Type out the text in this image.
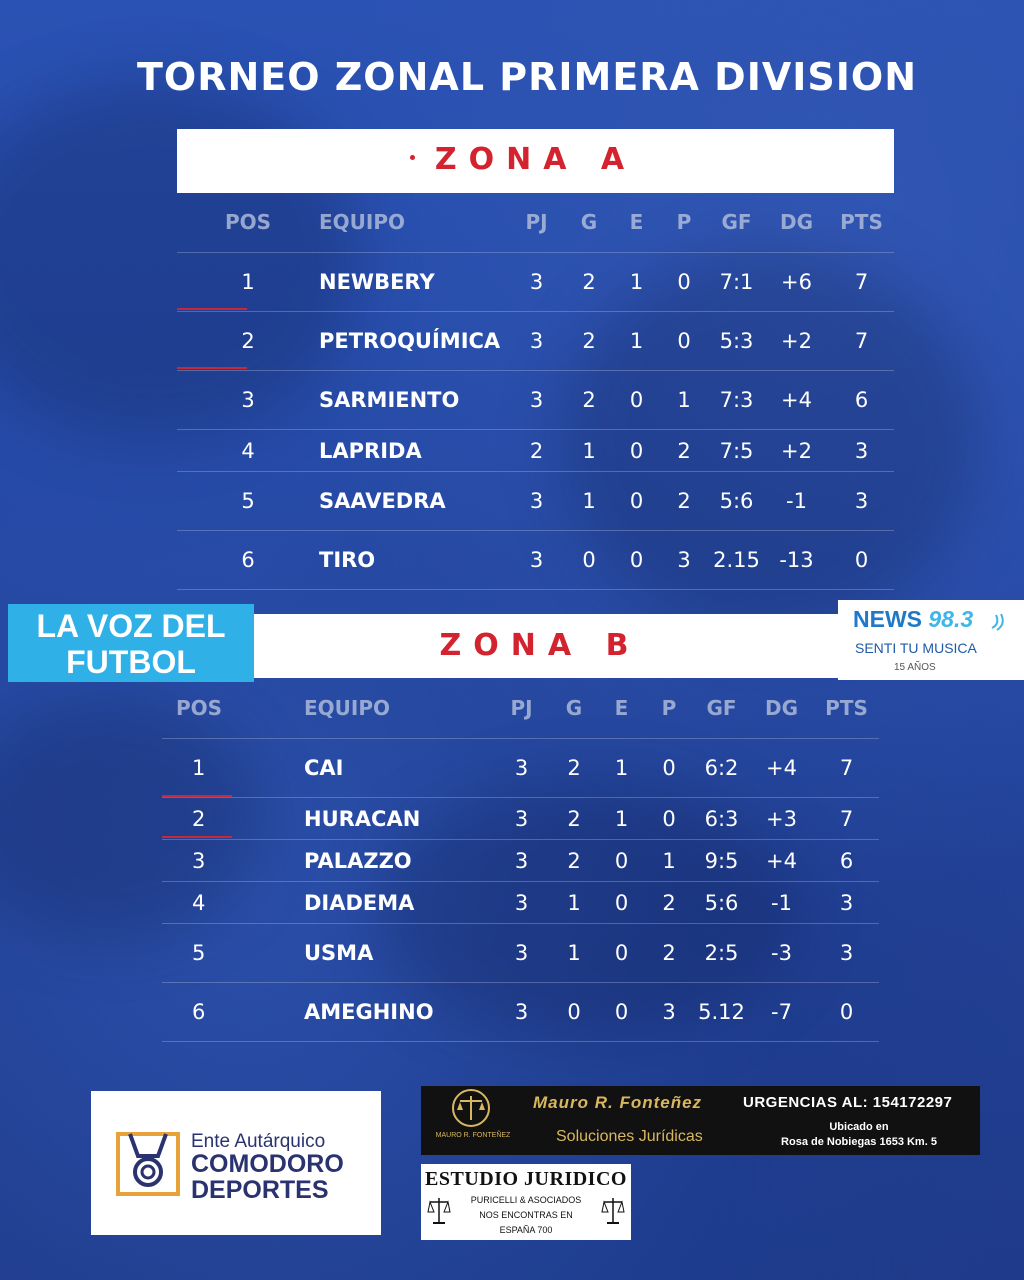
TORNEO ZONAL PRIMERA DIVISION
ZONA A
POS	EQUIPO	PJ	G	E	P	GF	DG	PTS
1	NEWBERY	3	2	1	0	7:1	+6	7
2	PETROQUÍMICA	3	2	1	0	5:3	+2	7
3	SARMIENTO	3	2	0	1	7:3	+4	6
4	LAPRIDA	2	1	0	2	7:5	+2	3
5	SAAVEDRA	3	1	0	2	5:6	-1	3
6	TIRO	3	0	0	3	2.15	-13	0
ZONA B
LA VOZ DEL
FUTBOL
NEWS 98.3
SENTI TU MUSICA
15 AÑOS
POS	EQUIPO	PJ	G	E	P	GF	DG	PTS
1	CAI	3	2	1	0	6:2	+4	7
2	HURACAN	3	2	1	0	6:3	+3	7
3	PALAZZO	3	2	0	1	9:5	+4	6
4	DIADEMA	3	1	0	2	5:6	-1	3
5	USMA	3	1	0	2	2:5	-3	3
6	AMEGHINO	3	0	0	3	5.12	-7	0
Ente Autárquico
COMODORO
DEPORTES
MAURO R. FONTEÑEZ
Mauro R. Fonteñez
Soluciones Jurídicas
URGENCIAS AL: 154172297
Ubicado en
Rosa de Nobiegas 1653 Km. 5
ESTUDIO JURIDICO
PURICELLI & ASOCIADOS
NOS ENCONTRAS EN
ESPAÑA 700
